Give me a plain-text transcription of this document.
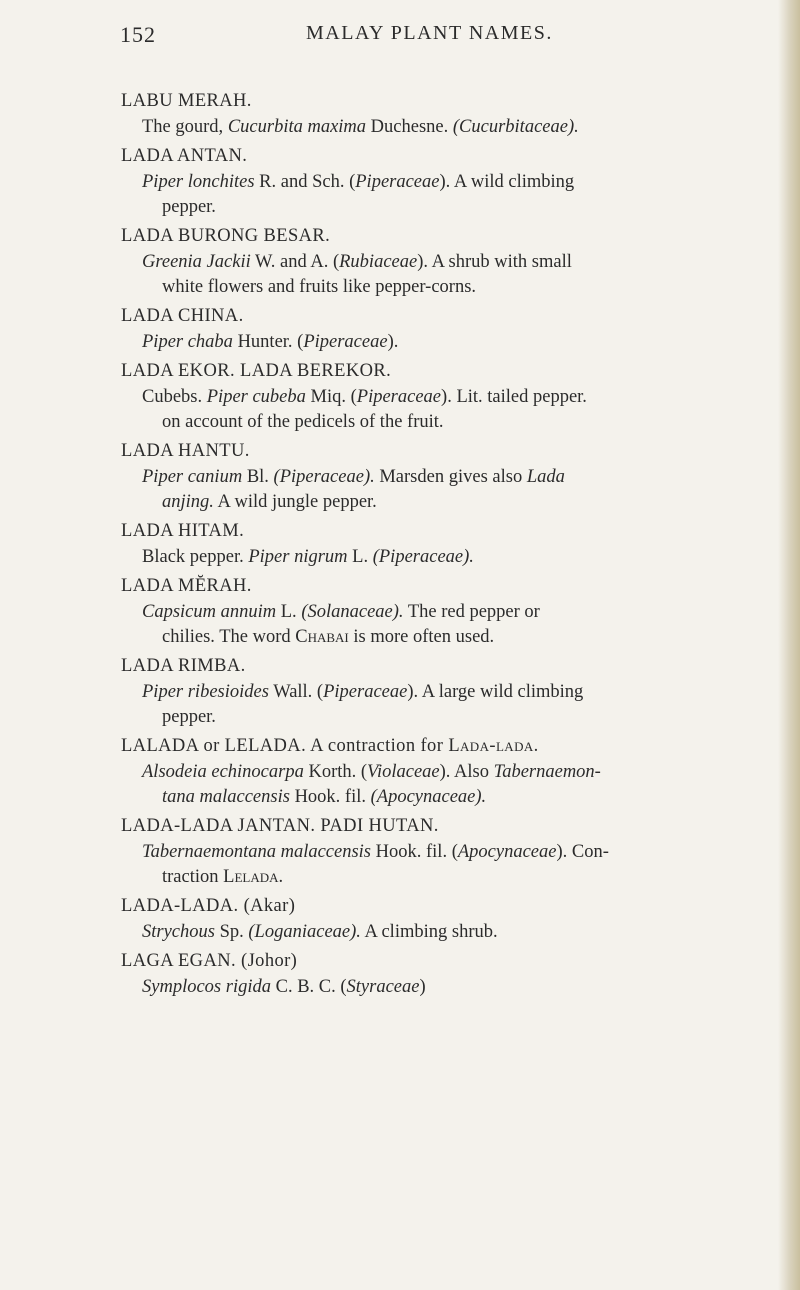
152	MALAY PLANT NAMES.
LABU MERAH.
The gourd, Cucurbita maxima Duchesne. (Cucurbitaceae).
LADA ANTAN.
Piper lonchites R. and Sch. (Piperaceae). A wild climbing
pepper.
LADA BURONG BESAR.
Greenia Jackii W. and A. (Rubiaceae). A shrub with small
white flowers and fruits like pepper-corns.
LADA CHINA.
Piper chaba Hunter. (Piperaceae).
LADA EKOR. LADA BEREKOR.
Cubebs. Piper cubeba Miq. (Piperaceae). Lit. tailed pepper.
on account of the pedicels of the fruit.
LADA HANTU.
Piper canium Bl. (Piperaceae). Marsden gives also Lada
anjing. A wild jungle pepper.
LADA HITAM.
Black pepper. Piper nigrum L. (Piperaceae).
LADA MĔRAH.
Capsicum annuim L. (Solanaceae). The red pepper or
chilies. The word Chabai is more often used.
LADA RIMBA.
Piper ribesioides Wall. (Piperaceae). A large wild climbing
pepper.
LALADA or LELADA. A contraction for Lada-lada.
Alsodeia echinocarpa Korth. (Violaceae). Also Tabernaemon-
tana malaccensis Hook. fil. (Apocynaceae).
LADA-LADA JANTAN. PADI HUTAN.
Tabernaemontana malaccensis Hook. fil. (Apocynaceae). Con-
traction Lelada.
LADA-LADA. (Akar)
Strychous Sp. (Loganiaceae). A climbing shrub.
LAGA EGAN. (Johor)
Symplocos rigida C. B. C. (Styraceae)
